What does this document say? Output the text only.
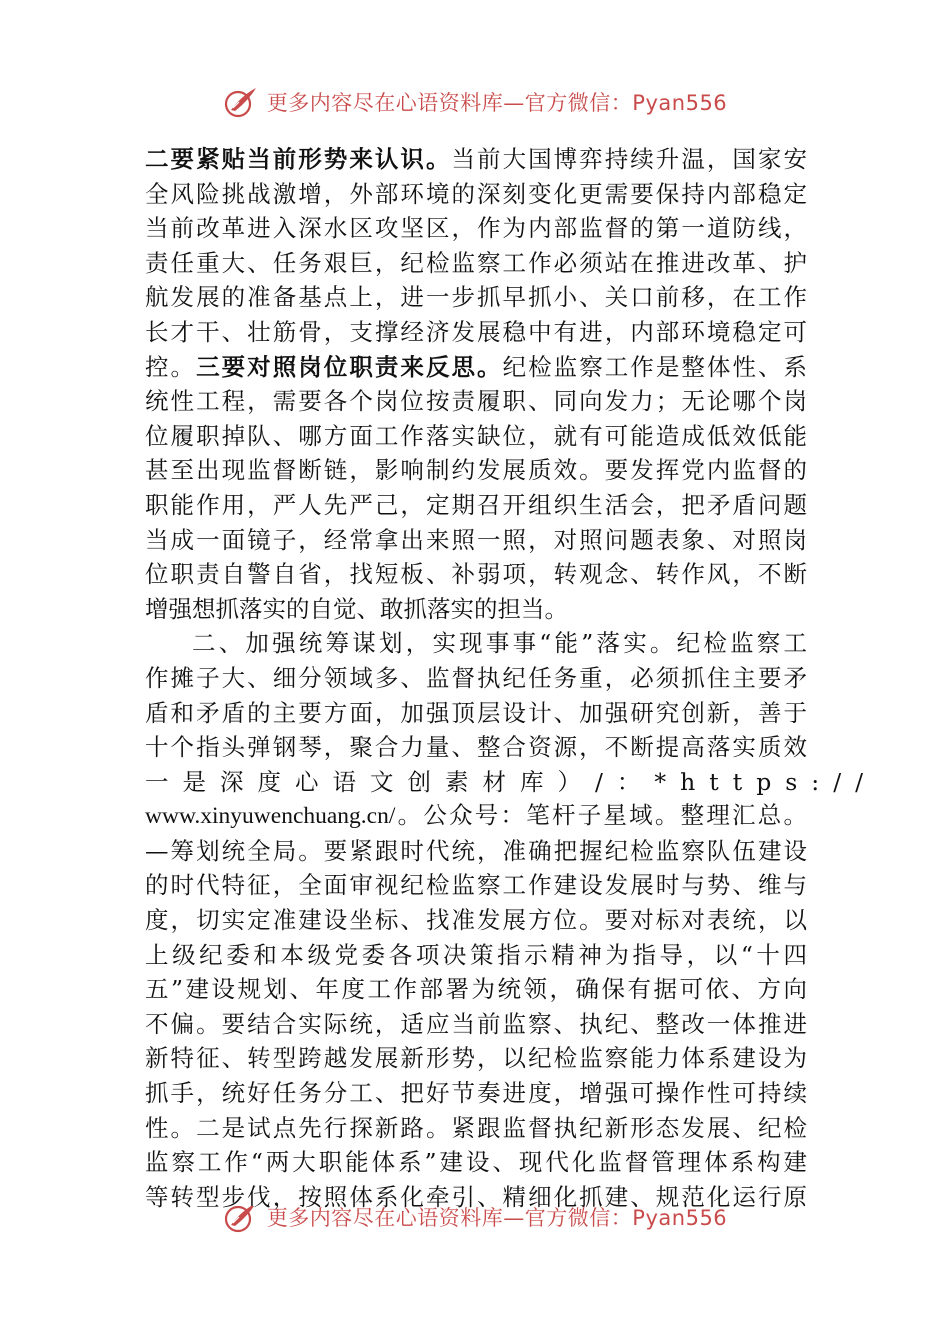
更多内容尽在心语资料库—官方微信：Pyan556
二要紧贴当前形势来认识。当前大国博弈持续升温，国家安
全风险挑战激增，外部环境的深刻变化更需要保持内部稳定
当前改革进入深水区攻坚区，作为内部监督的第一道防线，
责任重大、任务艰巨，纪检监察工作必须站在推进改革、护
航发展的准备基点上，进一步抓早抓小、关口前移，在工作
长才干、壮筋骨，支撑经济发展稳中有进，内部环境稳定可
控。三要对照岗位职责来反思。纪检监察工作是整体性、系
统性工程，需要各个岗位按责履职、同向发力；无论哪个岗
位履职掉队、哪方面工作落实缺位，就有可能造成低效低能
甚至出现监督断链，影响制约发展质效。要发挥党内监督的
职能作用，严人先严己，定期召开组织生活会，把矛盾问题
当成一面镜子，经常拿出来照一照，对照问题表象、对照岗
位职责自警自省，找短板、补弱项，转观念、转作风，不断
增强想抓落实的自觉、敢抓落实的担当。
二、加强统筹谋划，实现事事“能”落实。纪检监察工
作摊子大、细分领域多、监督执纪任务重，必须抓住主要矛
盾和矛盾的主要方面，加强顶层设计、加强研究创新，善于
十个指头弹钢琴，聚合力量、整合资源，不断提高落实质效
一是深度心语文创素材库）/：*https://
www.xinyuwenchuang.cn/。公众号：笔杆子星域。整理汇总。
—筹划统全局。要紧跟时代统，准确把握纪检监察队伍建设
的时代特征，全面审视纪检监察工作建设发展时与势、维与
度，切实定准建设坐标、找准发展方位。要对标对表统，以
上级纪委和本级党委各项决策指示精神为指导，以“十四
五”建设规划、年度工作部署为统领，确保有据可依、方向
不偏。要结合实际统，适应当前监察、执纪、整改一体推进
新特征、转型跨越发展新形势，以纪检监察能力体系建设为
抓手，统好任务分工、把好节奏进度，增强可操作性可持续
性。二是试点先行探新路。紧跟监督执纪新形态发展、纪检
监察工作“两大职能体系”建设、现代化监督管理体系构建
等转型步伐，按照体系化牵引、精细化抓建、规范化运行原
更多内容尽在心语资料库—官方微信：Pyan556
